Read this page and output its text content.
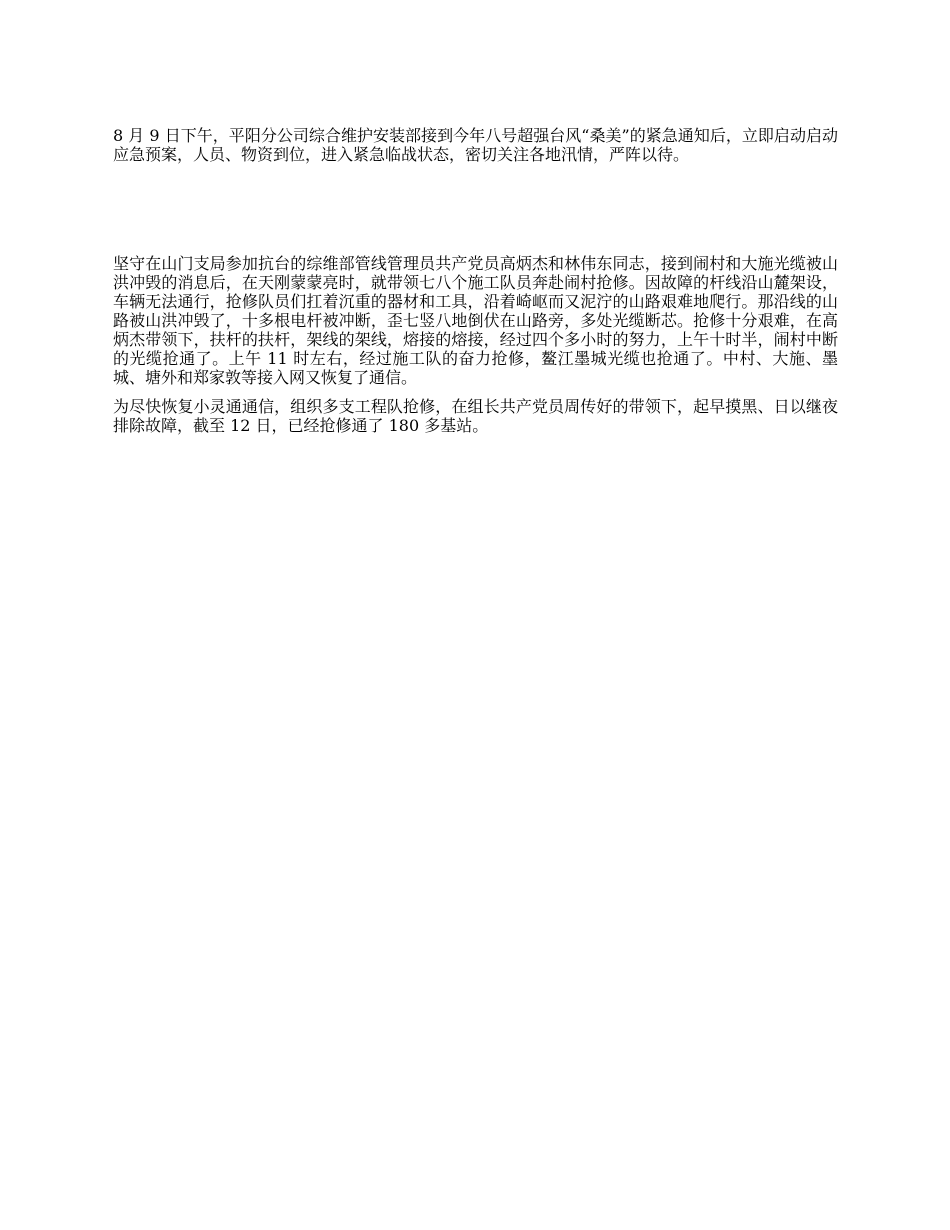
8 月 9 日下午，平阳分公司综合维护安装部接到今年八号超强台风“桑美”的紧急通知后，立即启动启动应急预案，人员、物资到位，进入紧急临战状态，密切关注各地汛情，严阵以待。

坚守在山门支局参加抗台的综维部管线管理员共产党员高炳杰和林伟东同志，接到闹村和大施光缆被山洪冲毁的消息后，在天刚蒙蒙亮时，就带领七八个施工队员奔赴闹村抢修。因故障的杆线沿山麓架设，车辆无法通行，抢修队员们扛着沉重的器材和工具，沿着崎岖而又泥泞的山路艰难地爬行。那沿线的山路被山洪冲毁了，十多根电杆被冲断，歪七竖八地倒伏在山路旁，多处光缆断芯。抢修十分艰难，在高炳杰带领下，扶杆的扶杆，架线的架线，熔接的熔接，经过四个多小时的努力，上午十时半，闹村中断的光缆抢通了。上午 11 时左右，经过施工队的奋力抢修，鳌江墨城光缆也抢通了。中村、大施、墨城、塘外和郑家敦等接入网又恢复了通信。

为尽快恢复小灵通通信，组织多支工程队抢修，在组长共产党员周传好的带领下，起早摸黑、日以继夜排除故障，截至 12 日，已经抢修通了 180 多基站。
